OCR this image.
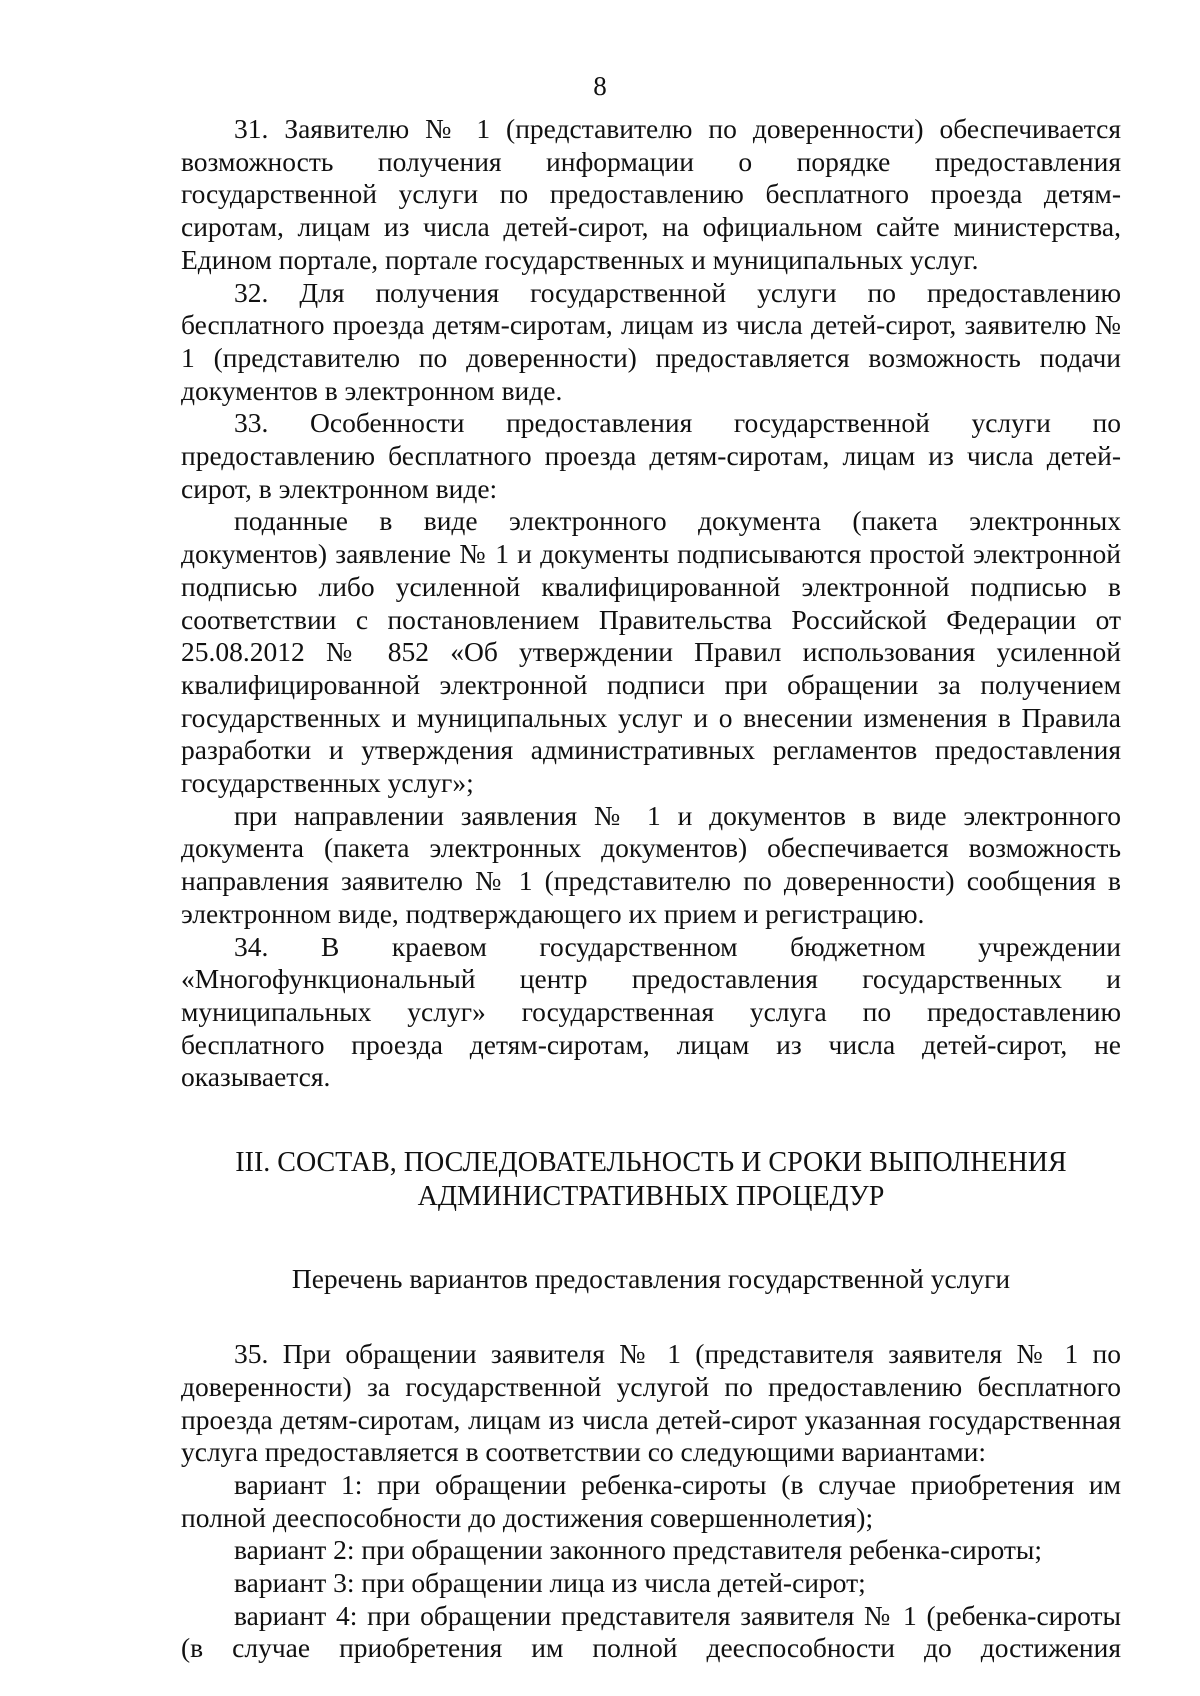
8

31. Заявителю № 1 (представителю по доверенности) обеспечивается возможность получения информации о порядке предоставления государственной услуги по предоставлению бесплатного проезда детям-сиротам, лицам из числа детей-сирот, на официальном сайте министерства, Едином портале, портале государственных и муниципальных услуг.

32. Для получения государственной услуги по предоставлению бесплатного проезда детям-сиротам, лицам из числа детей-сирот, заявителю № 1 (представителю по доверенности) предоставляется возможность подачи документов в электронном виде.

33. Особенности предоставления государственной услуги по предоставлению бесплатного проезда детям-сиротам, лицам из числа детей-сирот, в электронном виде:

поданные в виде электронного документа (пакета электронных документов) заявление № 1 и документы подписываются простой электронной подписью либо усиленной квалифицированной электронной подписью в соответствии с постановлением Правительства Российской Федерации от 25.08.2012 № 852 «Об утверждении Правил использования усиленной квалифицированной электронной подписи при обращении за получением государственных и муниципальных услуг и о внесении изменения в Правила разработки и утверждения административных регламентов предоставления государственных услуг»;

при направлении заявления № 1 и документов в виде электронного документа (пакета электронных документов) обеспечивается возможность направления заявителю № 1 (представителю по доверенности) сообщения в электронном виде, подтверждающего их прием и регистрацию.

34. В краевом государственном бюджетном учреждении «Многофункциональный центр предоставления государственных и муниципальных услуг» государственная услуга по предоставлению бесплатного проезда детям-сиротам, лицам из числа детей-сирот, не оказывается.

III. СОСТАВ, ПОСЛЕДОВАТЕЛЬНОСТЬ И СРОКИ ВЫПОЛНЕНИЯ
АДМИНИСТРАТИВНЫХ ПРОЦЕДУР
Перечень вариантов предоставления государственной услуги

35. При обращении заявителя № 1 (представителя заявителя № 1 по доверенности) за государственной услугой по предоставлению бесплатного проезда детям-сиротам, лицам из числа детей-сирот указанная государственная услуга предоставляется в соответствии со следующими вариантами:

вариант 1: при обращении ребенка-сироты (в случае приобретения им полной дееспособности до достижения совершеннолетия);

вариант 2: при обращении законного представителя ребенка-сироты;

вариант 3: при обращении лица из числа детей-сирот;

вариант 4: при обращении представителя заявителя № 1 (ребенка-сироты (в случае приобретения им полной дееспособности до достижения
